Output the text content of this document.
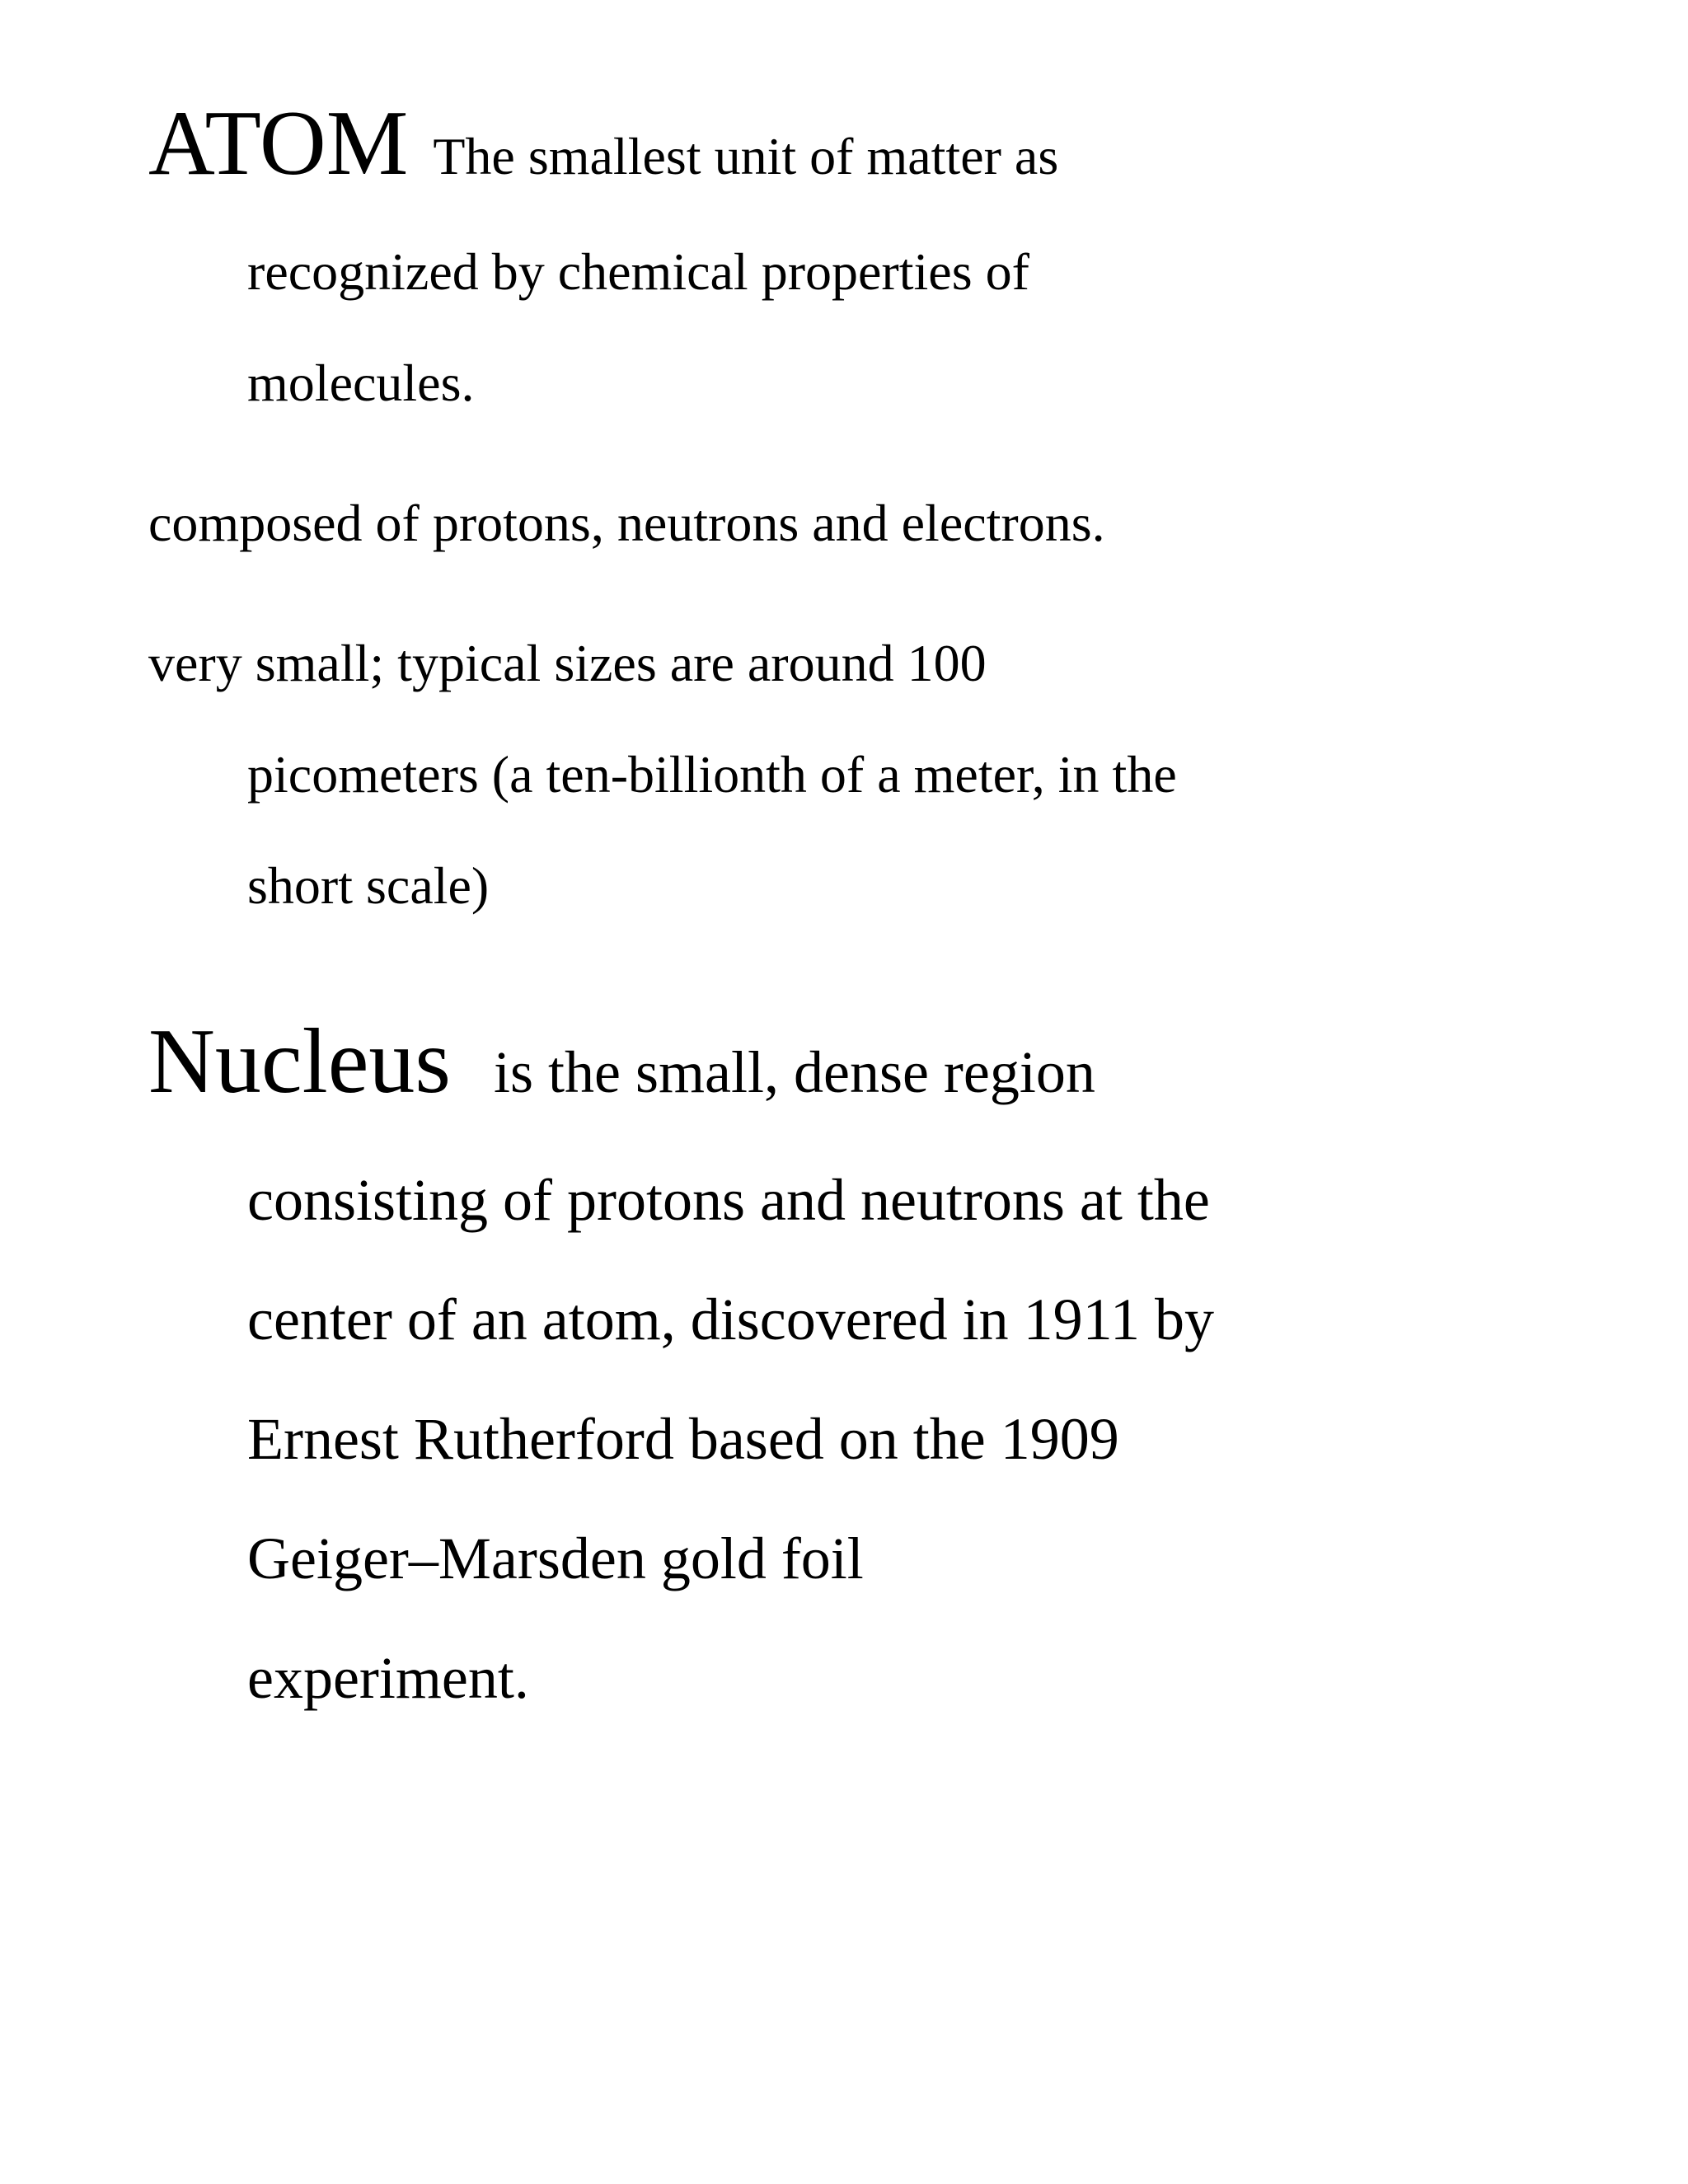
ATOM The smallest unit of matter as

recognized by chemical properties of

molecules.

composed of protons, neutrons and electrons.

very small; typical sizes are around 100

picometers (a ten-billionth of a meter, in the

short scale)

Nucleus is the small, dense region

consisting of protons and neutrons at the

center of an atom, discovered in 1911 by

Ernest Rutherford based on the 1909

Geiger–Marsden gold foil

experiment.
